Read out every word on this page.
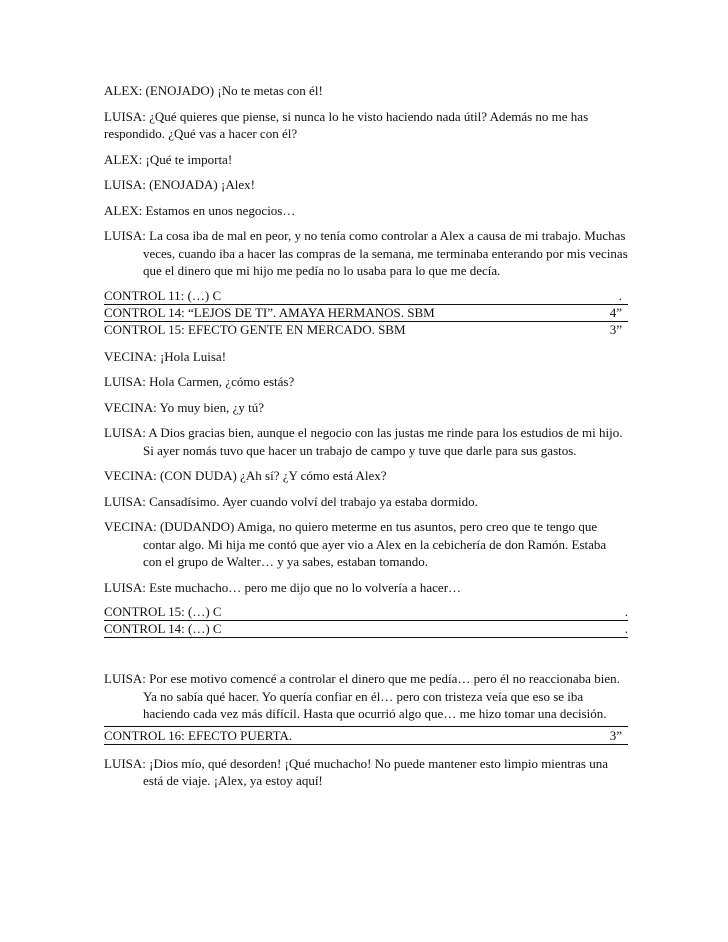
ALEX: (ENOJADO) ¡No te metas con él!

LUISA: ¿Qué quieres que piense, si nunca lo he visto haciendo nada útil? Además no me has respondido. ¿Qué vas a hacer con él?

ALEX: ¡Qué te importa!

LUISA: (ENOJADA) ¡Alex!

ALEX: Estamos en unos negocios…

LUISA: La cosa iba de mal en peor, y no tenía como controlar a Alex a causa de mi trabajo. Muchas veces, cuando iba a hacer las compras de la semana, me terminaba enterando por mis vecinas que el dinero que mi hijo me pedía no lo usaba para lo que me decía.

CONTROL 11: (…) C	.
CONTROL 14: “LEJOS DE TI”. AMAYA HERMANOS. SBM	4”
CONTROL 15: EFECTO GENTE EN MERCADO. SBM	3”

VECINA: ¡Hola Luisa!

LUISA: Hola Carmen, ¿cómo estás?

VECINA: Yo muy bien, ¿y tú?

LUISA: A Dios gracias bien, aunque el negocio con las justas me rinde para los estudios de mi hijo. Si ayer nomás tuvo que hacer un trabajo de campo y tuve que darle para sus gastos.

VECINA: (CON DUDA) ¿Ah sí? ¿Y cómo está Alex?

LUISA: Cansadísimo. Ayer cuando volví del trabajo ya estaba dormido.

VECINA: (DUDANDO) Amiga, no quiero meterme en tus asuntos, pero creo que te tengo que contar algo. Mi hija me contó que ayer vio a Alex en la cebichería de don Ramón. Estaba con el grupo de Walter… y ya sabes, estaban tomando.

LUISA: Este muchacho… pero me dijo que no lo volvería a hacer…

CONTROL 15: (…) C	.
CONTROL 14: (…) C	.

LUISA: Por ese motivo comencé a controlar el dinero que me pedía… pero él no reaccionaba bien. Ya no sabía qué hacer. Yo quería confiar en él… pero con tristeza veía que eso se iba haciendo cada vez más difícil. Hasta que ocurrió algo que… me hizo tomar una decisión.

CONTROL 16: EFECTO PUERTA.	3”

LUISA: ¡Dios mío, qué desorden! ¡Qué muchacho! No puede mantener esto limpio mientras una está de viaje. ¡Alex, ya estoy aquí!
